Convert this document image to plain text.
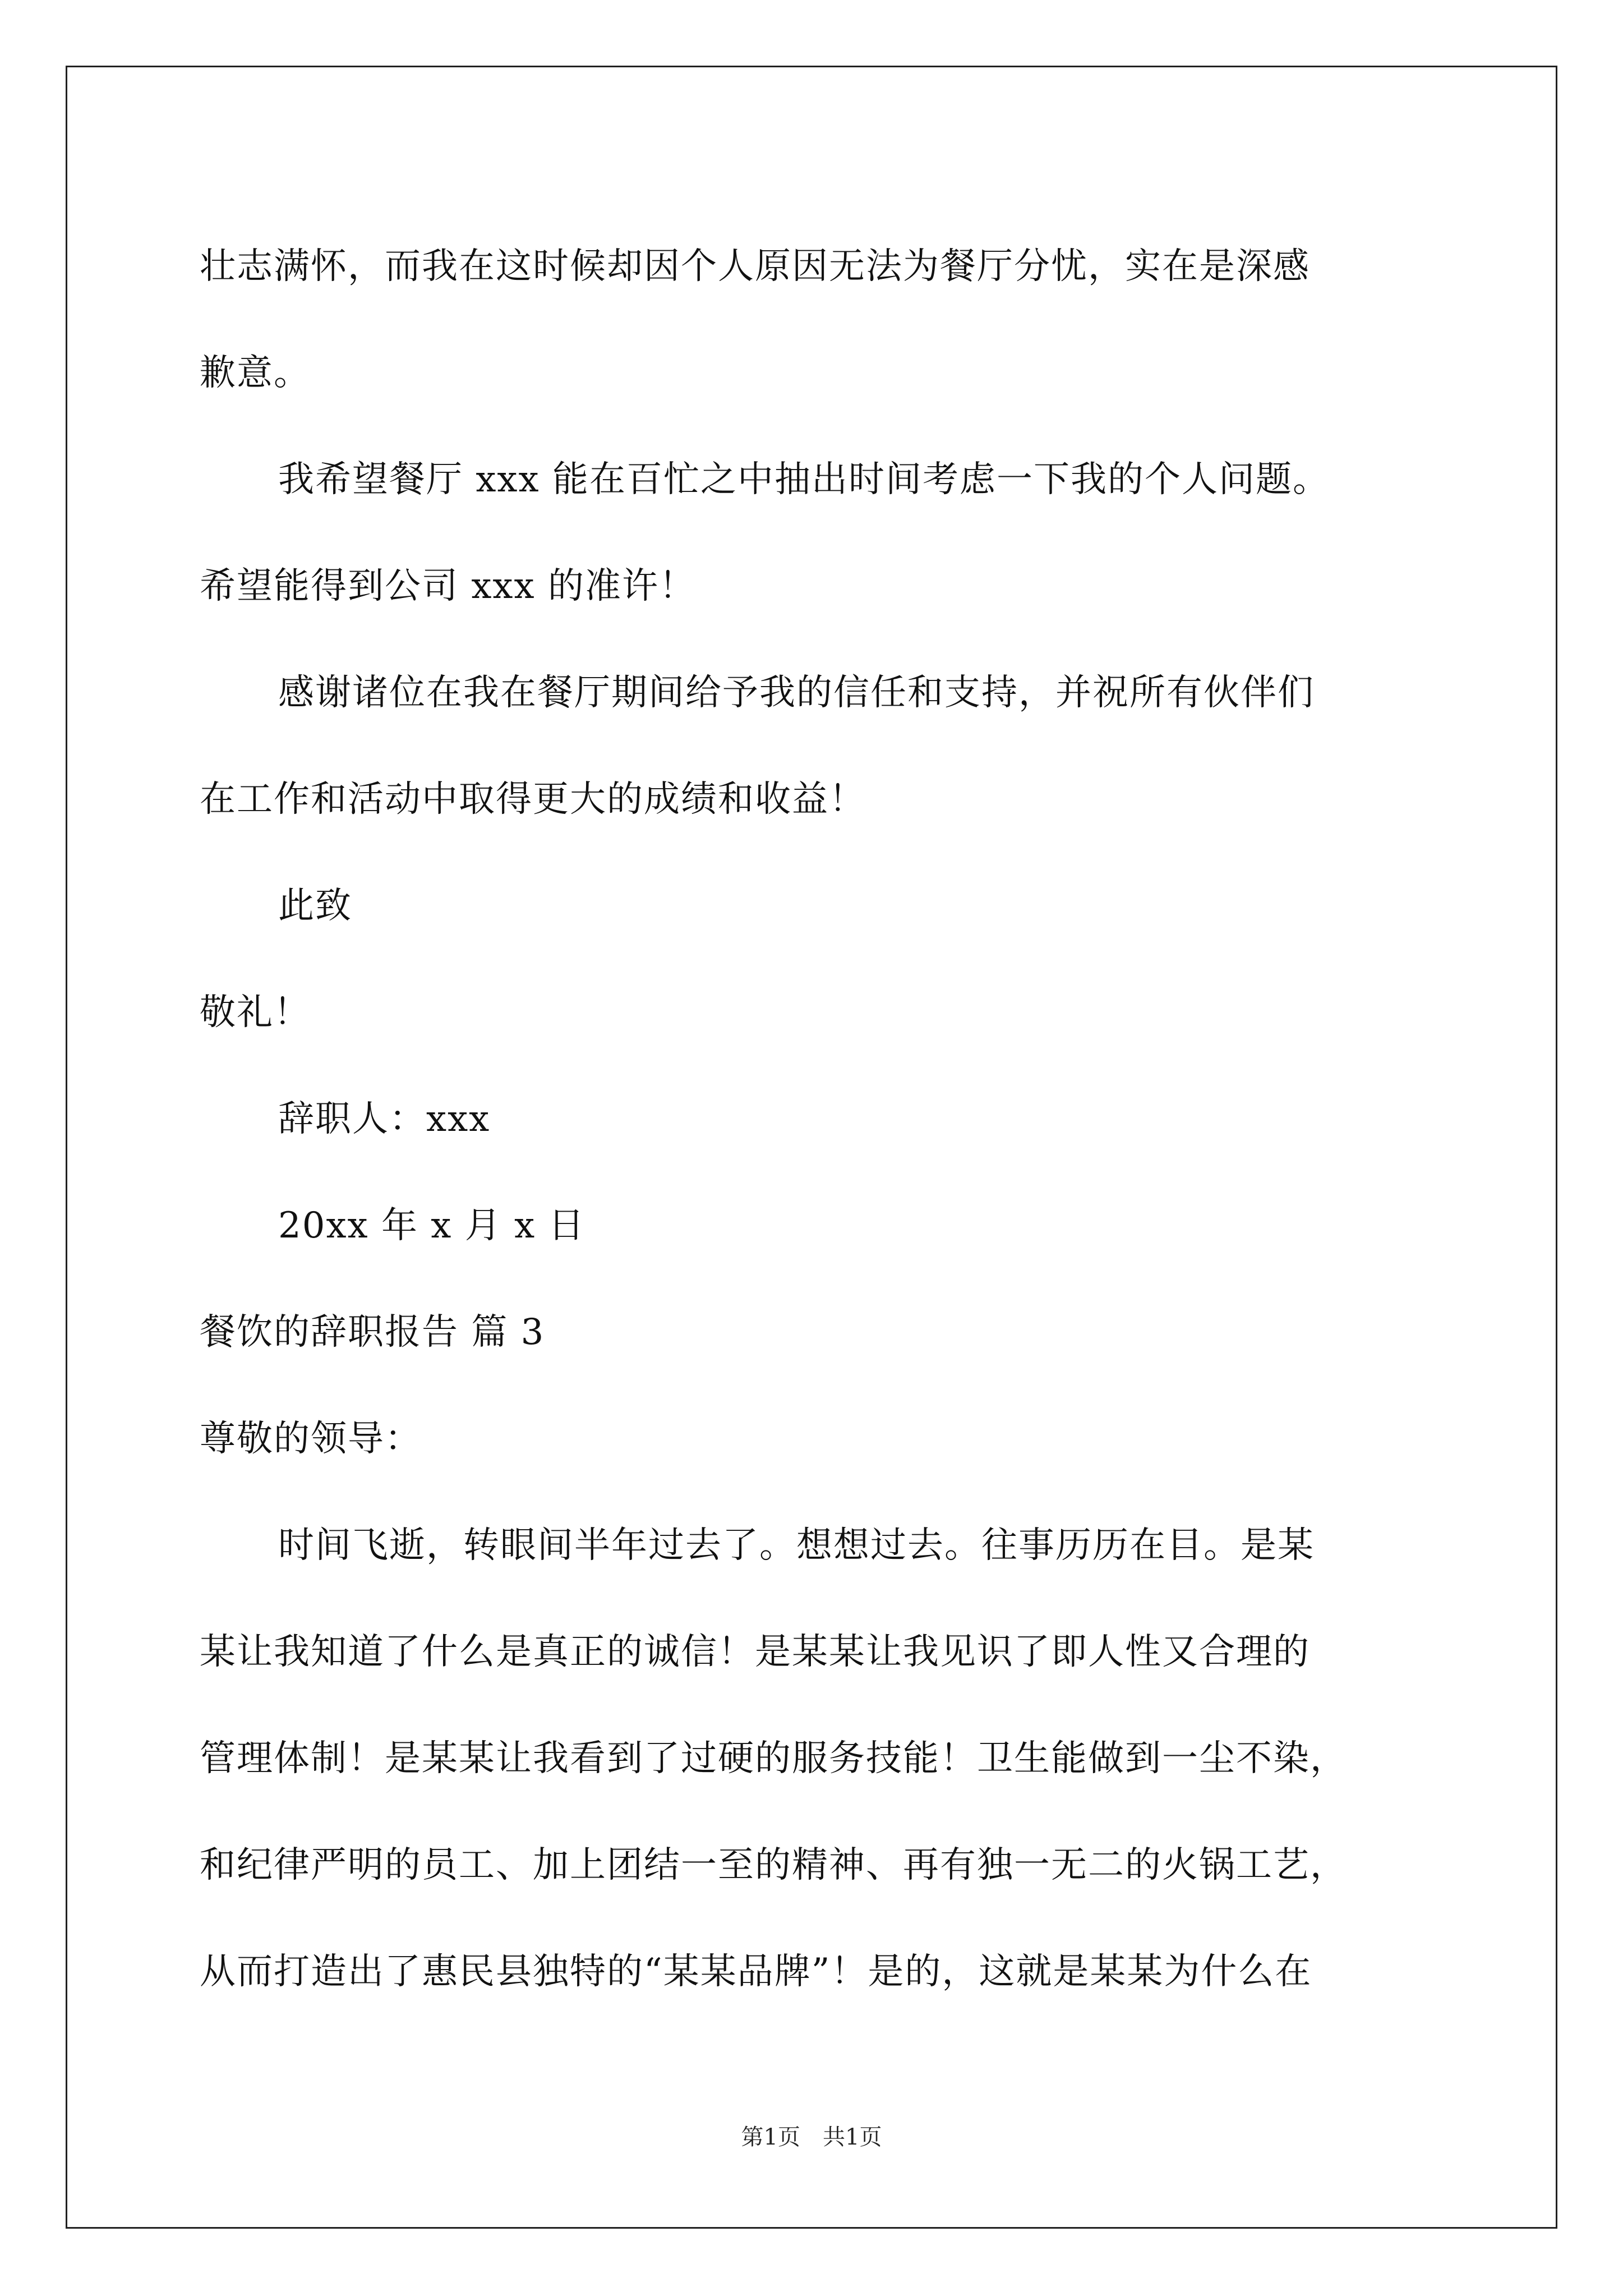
壮志满怀，而我在这时候却因个人原因无法为餐厅分忧，实在是深感
歉意。
我希望餐厅 xxx 能在百忙之中抽出时间考虑一下我的个人问题。
希望能得到公司 xxx 的准许！
感谢诸位在我在餐厅期间给予我的信任和支持，并祝所有伙伴们
在工作和活动中取得更大的成绩和收益！
此致
敬礼！
辞职人：xxx
20xx 年 x 月 x 日
餐饮的辞职报告 篇 3
尊敬的领导：
时间飞逝，转眼间半年过去了。想想过去。往事历历在目。是某
某让我知道了什么是真正的诚信！是某某让我见识了即人性又合理的
管理体制！是某某让我看到了过硬的服务技能！卫生能做到一尘不染，
和纪律严明的员工、加上团结一至的精神、再有独一无二的火锅工艺，
从而打造出了惠民县独特的“某某品牌”！是的，这就是某某为什么在
第1页 共1页
